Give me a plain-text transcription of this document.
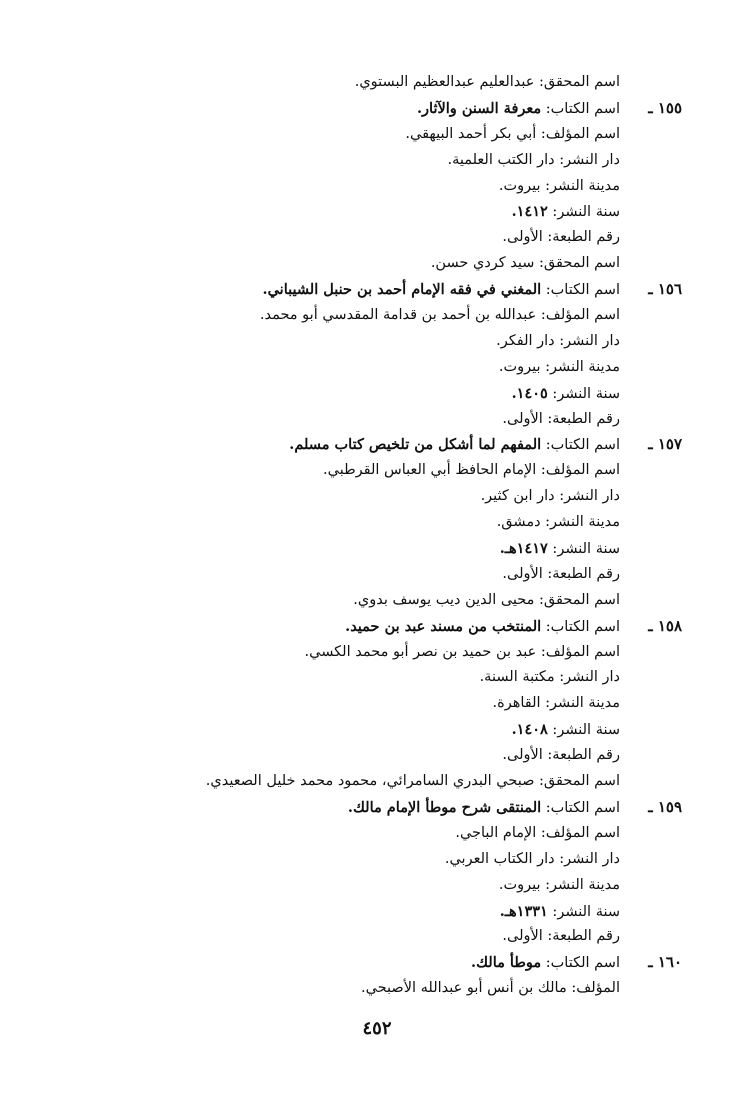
اسم المحقق: عبدالعليم عبدالعظيم البستوي.
١٥٥ ـ
اسم الكتاب: معرفة السنن والآثار.
اسم المؤلف: أبي بكر أحمد البيهقي.
دار النشر: دار الكتب العلمية.
مدينة النشر: بيروت.
سنة النشر: ١٤١٢.
رقم الطبعة: الأولى.
اسم المحقق: سيد كردي حسن.
١٥٦ ـ
اسم الكتاب: المغني في فقه الإمام أحمد بن حنبل الشيباني.
اسم المؤلف: عبدالله بن أحمد بن قدامة المقدسي أبو محمد.
دار النشر: دار الفكر.
مدينة النشر: بيروت.
سنة النشر: ١٤٠٥.
رقم الطبعة: الأولى.
١٥٧ ـ
اسم الكتاب: المفهم لما أشكل من تلخيص كتاب مسلم.
اسم المؤلف: الإمام الحافظ أبي العباس القرطبي.
دار النشر: دار ابن كثير.
مدينة النشر: دمشق.
سنة النشر: ١٤١٧هـ.
رقم الطبعة: الأولى.
اسم المحقق: محيى الدين ديب يوسف بدوي.
١٥٨ ـ
اسم الكتاب: المنتخب من مسند عبد بن حميد.
اسم المؤلف: عبد بن حميد بن نصر أبو محمد الكسي.
دار النشر: مكتبة السنة.
مدينة النشر: القاهرة.
سنة النشر: ١٤٠٨.
رقم الطبعة: الأولى.
اسم المحقق: صبحي البدري السامرائي، محمود محمد خليل الصعيدي.
١٥٩ ـ
اسم الكتاب: المنتقى شرح موطأ الإمام مالك.
اسم المؤلف: الإمام الباجي.
دار النشر: دار الكتاب العربي.
مدينة النشر: بيروت.
سنة النشر: ١٣٣١هـ.
رقم الطبعة: الأولى.
١٦٠ ـ
اسم الكتاب: موطأ مالك.
المؤلف: مالك بن أنس أبو عبدالله الأصبحي.
٤٥٢
